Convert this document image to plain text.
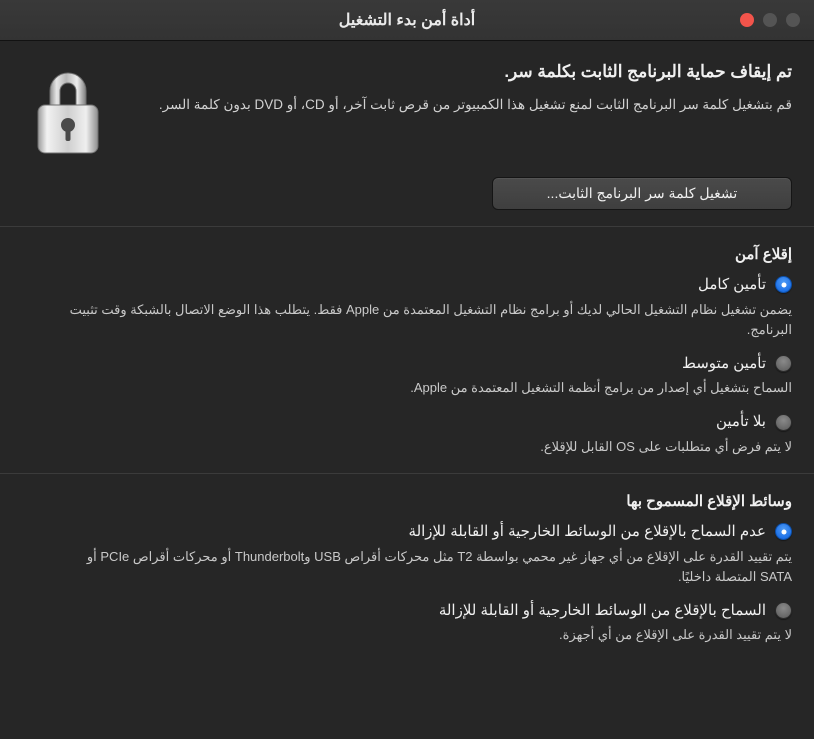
أداة أمن بدء التشغيل

تم إيقاف حماية البرنامج الثابت بكلمة سر.

قم بتشغيل كلمة سر البرنامج الثابت لمنع تشغيل هذا الكمبيوتر من قرص ثابت آخر، أو CD، أو DVD بدون كلمة السر.

تشغيل كلمة سر البرنامج الثابت...
إقلاع آمن
تأمين كامل

يضمن تشغيل نظام التشغيل الحالي لديك أو برامج نظام التشغيل المعتمدة من Apple فقط. يتطلب هذا الوضع الاتصال بالشبكة وقت تثبيت البرنامج.

تأمين متوسط

السماح بتشغيل أي إصدار من برامج أنظمة التشغيل المعتمدة من Apple.

بلا تأمين

لا يتم فرض أي متطلبات على OS القابل للإقلاع.

وسائط الإقلاع المسموح بها
عدم السماح بالإقلاع من الوسائط الخارجية أو القابلة للإزالة

يتم تقييد القدرة على الإقلاع من أي جهاز غير محمي بواسطة T2 مثل محركات أقراص USB وThunderbolt أو محركات أقراص PCIe أو SATA المتصلة داخليًا.

السماح بالإقلاع من الوسائط الخارجية أو القابلة للإزالة

لا يتم تقييد القدرة على الإقلاع من أي أجهزة.
